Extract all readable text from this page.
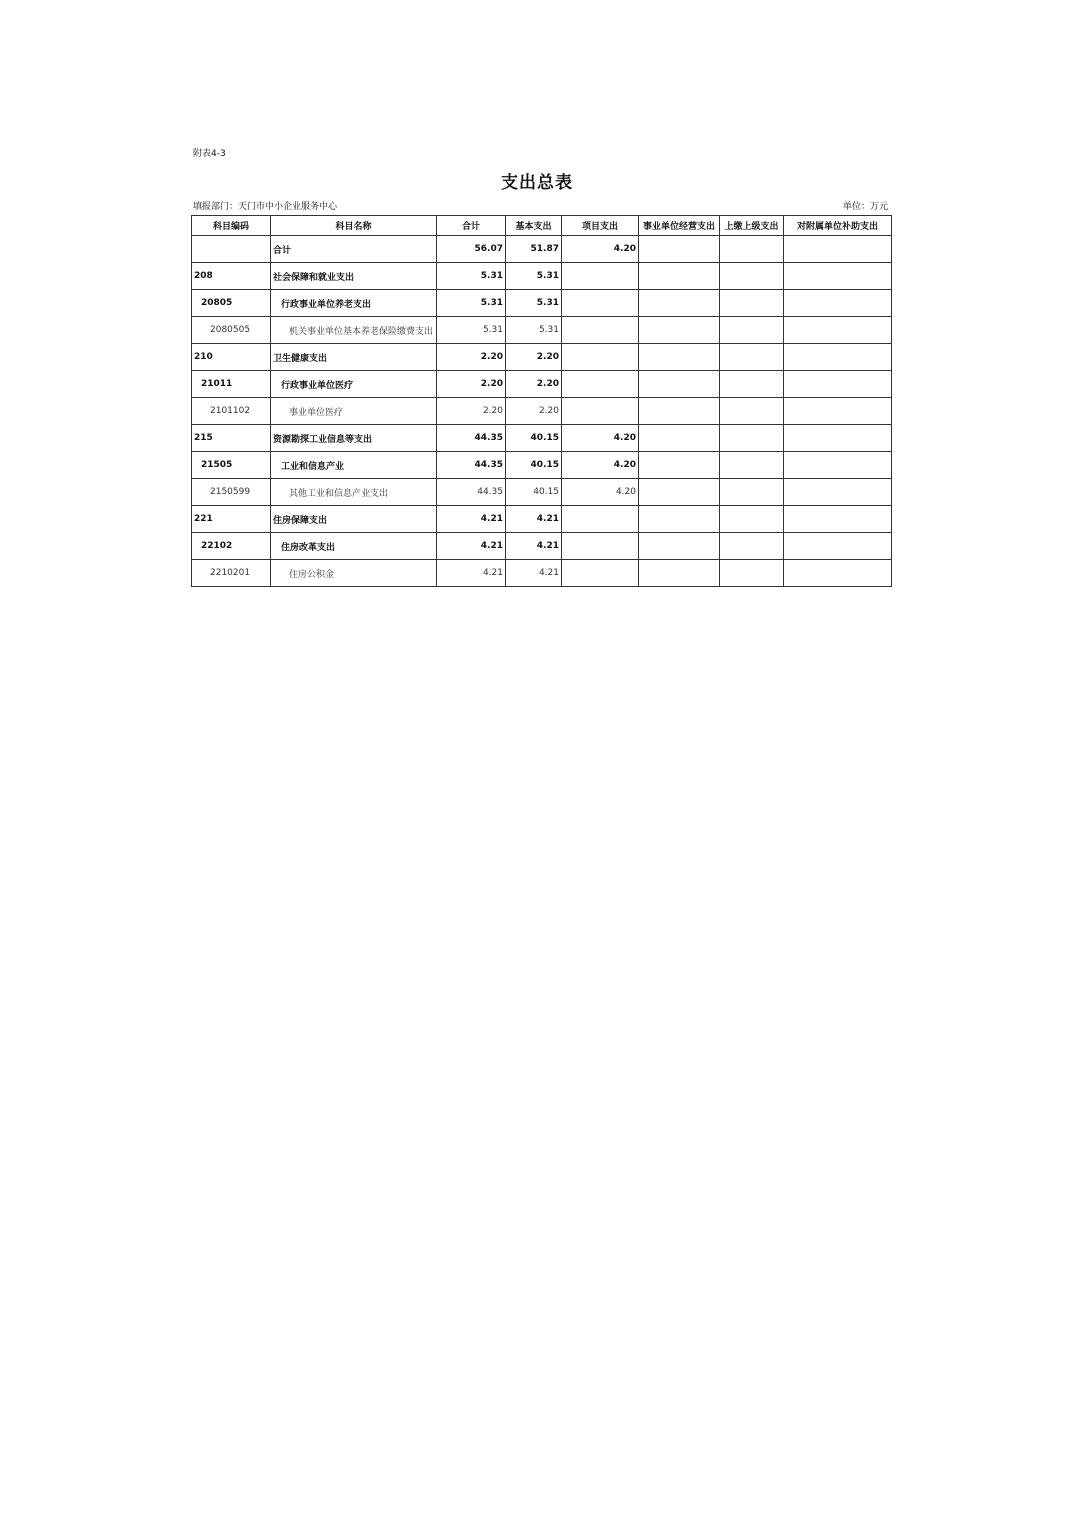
附表4-3
支出总表
填报部门：天门市中小企业服务中心	单位：万元
科目编码	科目名称	合计	基本支出	项目支出	事业单位经营支出	上缴上级支出	对附属单位补助支出
	合计	56.07	51.87	4.20			
208	社会保障和就业支出	5.31	5.31				
20805	行政事业单位养老支出	5.31	5.31				
2080505	机关事业单位基本养老保险缴费支出	5.31	5.31				
210	卫生健康支出	2.20	2.20				
21011	行政事业单位医疗	2.20	2.20				
2101102	事业单位医疗	2.20	2.20				
215	资源勘探工业信息等支出	44.35	40.15	4.20			
21505	工业和信息产业	44.35	40.15	4.20			
2150599	其他工业和信息产业支出	44.35	40.15	4.20			
221	住房保障支出	4.21	4.21				
22102	住房改革支出	4.21	4.21				
2210201	住房公积金	4.21	4.21				
